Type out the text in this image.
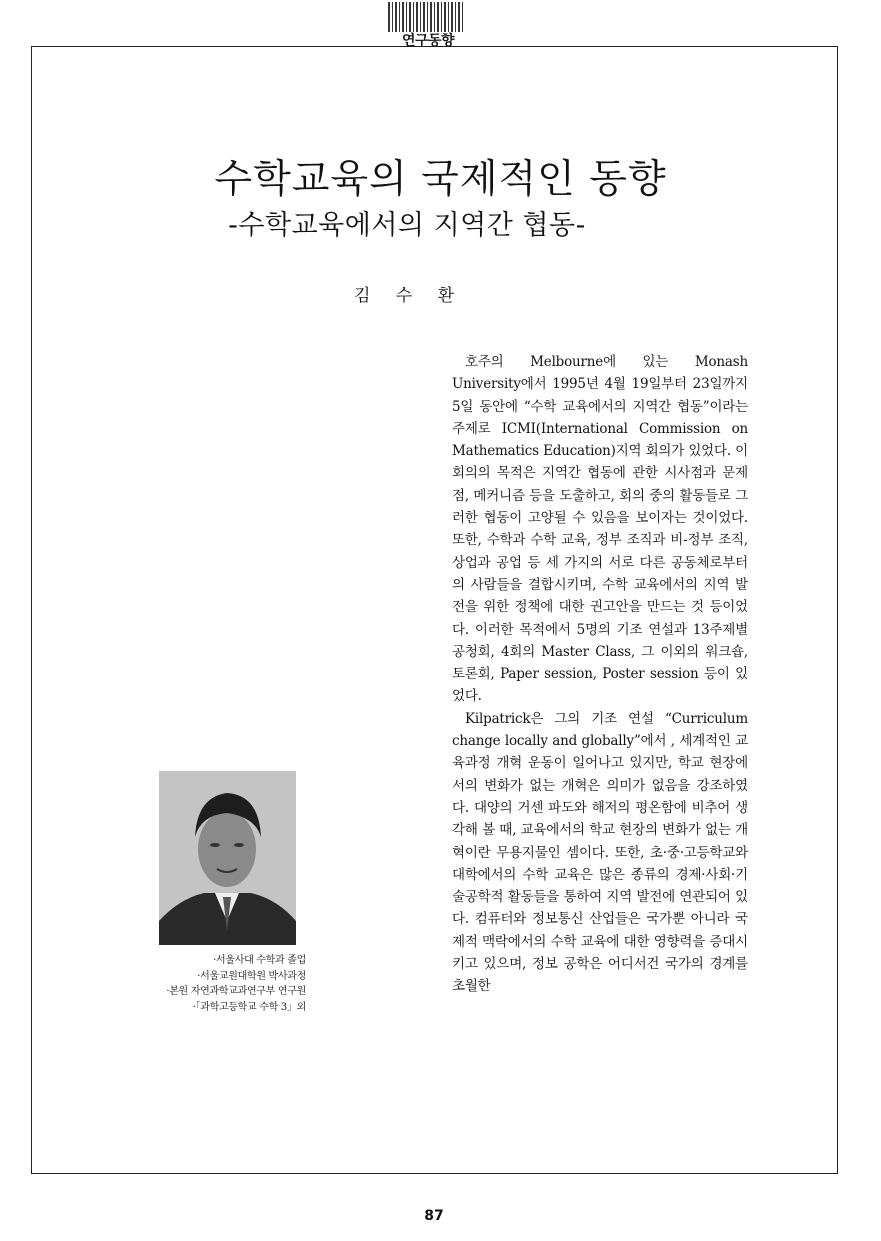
연구동향
수학교육의 국제적인 동향
-수학교육에서의 지역간 협동-
김 수 환

호주의 Melbourne에 있는 Monash University에서 1995년 4월 19일부터 23일까지 5일 동안에 “수학 교육에서의 지역간 협동”이라는 주제로 ICMI(International Commission on Mathematics Education)지역 회의가 있었다. 이 회의의 목적은 지역간 협동에 관한 시사점과 문제점, 메커니즘 등을 도출하고, 회의 중의 활동들로 그러한 협동이 고양될 수 있음을 보이자는 것이었다. 또한, 수학과 수학 교육, 정부 조직과 비-정부 조직, 상업과 공업 등 세 가지의 서로 다른 공동체로부터의 사람들을 결합시키며, 수학 교육에서의 지역 발전을 위한 정책에 대한 권고안을 만드는 것 등이었다. 이러한 목적에서 5명의 기조 연설과 13주제별 공청회, 4회의 Master Class, 그 이외의 워크숍, 토론회, Paper session, Poster session 등이 있었다.

Kilpatrick은 그의 기조 연설 “Curriculum change locally and globally”에서 , 세계적인 교육과정 개혁 운동이 일어나고 있지만, 학교 현장에서의 변화가 없는 개혁은 의미가 없음을 강조하였다. 대양의 거센 파도와 해저의 평온함에 비추어 생각해 볼 때, 교육에서의 학교 현장의 변화가 없는 개혁이란 무용지물인 셈이다. 또한, 초·중·고등학교와 대학에서의 수학 교육은 많은 종류의 경제·사회·기술공학적 활동들을 통하여 지역 발전에 연관되어 있다. 컴퓨터와 정보통신 산업들은 국가뿐 아니라 국제적 맥락에서의 수학 교육에 대한 영향력을 증대시키고 있으며, 정보 공학은 어디서건 국가의 경계를 초월한

·서울사대 수학과 졸업
·서울교원대학원 박사과정
·본원 자연과학교과연구부 연구원
·「과학고등학교 수학 3」외
87
